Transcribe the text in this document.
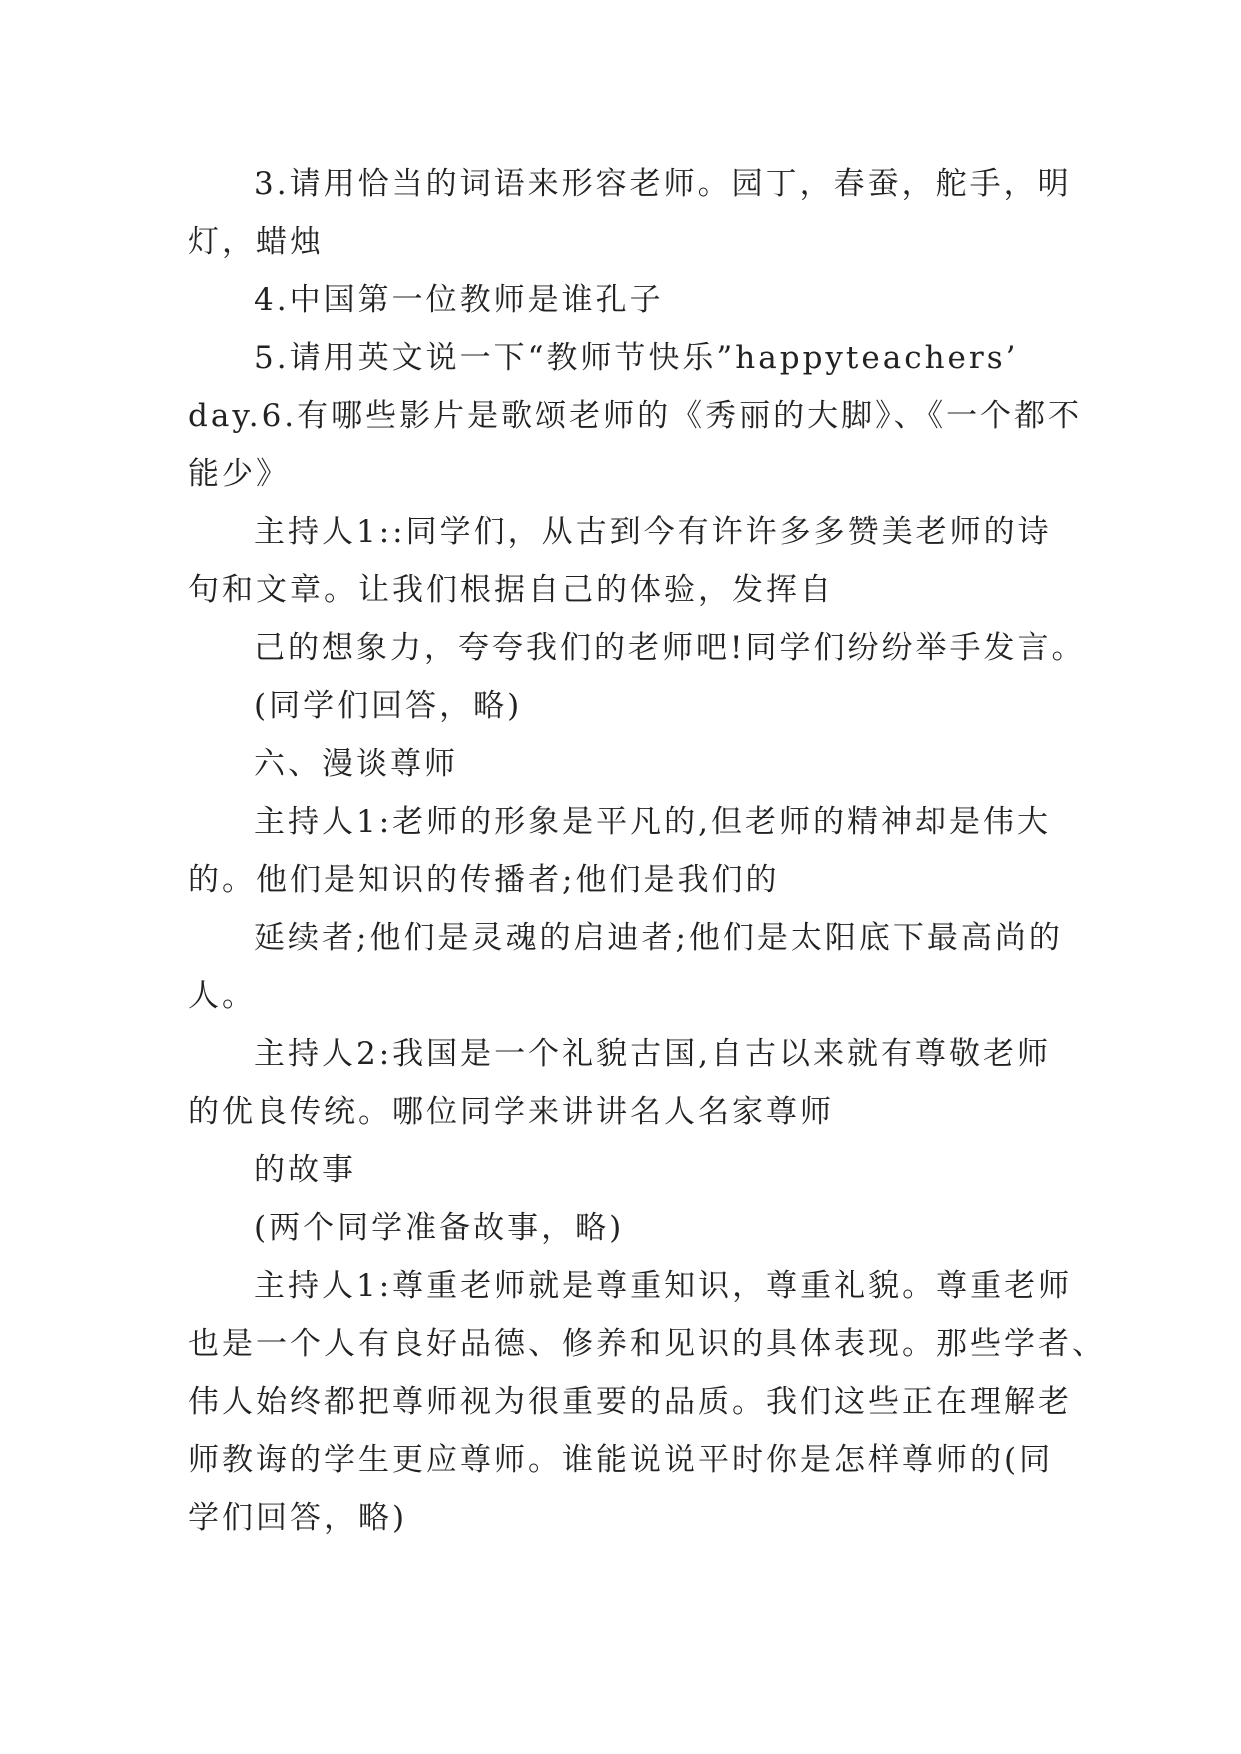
3.请用恰当的词语来形容老师。园丁，春蚕，舵手，明
灯，蜡烛
4.中国第一位教师是谁孔子
5.请用英文说一下“教师节快乐”happyteachers’
day.6.有哪些影片是歌颂老师的《秀丽的大脚》、《一个都不
能少》
主持人1::同学们，从古到今有许许多多赞美老师的诗
句和文章。让我们根据自己的体验，发挥自
己的想象力，夸夸我们的老师吧!同学们纷纷举手发言。
(同学们回答，略)
六、漫谈尊师
主持人1:老师的形象是平凡的,但老师的精神却是伟大
的。他们是知识的传播者;他们是我们的
延续者;他们是灵魂的启迪者;他们是太阳底下最高尚的
人。
主持人2:我国是一个礼貌古国,自古以来就有尊敬老师
的优良传统。哪位同学来讲讲名人名家尊师
的故事
(两个同学准备故事，略)
主持人1:尊重老师就是尊重知识，尊重礼貌。尊重老师
也是一个人有良好品德、修养和见识的具体表现。那些学者、
伟人始终都把尊师视为很重要的品质。我们这些正在理解老
师教诲的学生更应尊师。谁能说说平时你是怎样尊师的(同
学们回答，略)
